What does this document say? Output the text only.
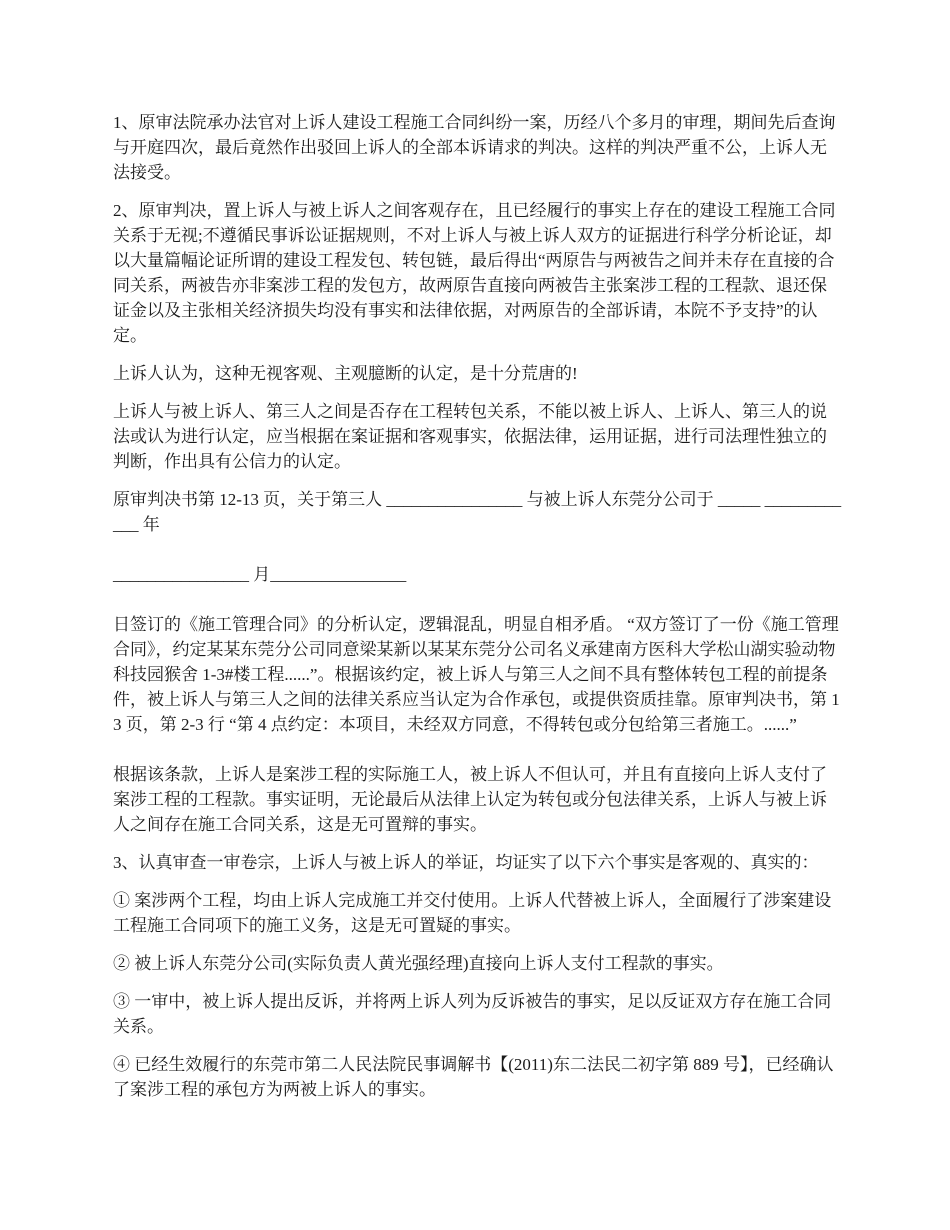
1、原审法院承办法官对上诉人建设工程施工合同纠纷一案，历经八个多月的审理，期间先后查询与开庭四次，最后竟然作出驳回上诉人的全部本诉请求的判决。这样的判决严重不公，上诉人无法接受。

2、原审判决，置上诉人与被上诉人之间客观存在，且已经履行的事实上存在的建设工程施工合同关系于无视;不遵循民事诉讼证据规则，不对上诉人与被上诉人双方的证据进行科学分析论证，却以大量篇幅论证所谓的建设工程发包、转包链，最后得出“两原告与两被告之间并未存在直接的合同关系，两被告亦非案涉工程的发包方，故两原告直接向两被告主张案涉工程的工程款、退还保证金以及主张相关经济损失均没有事实和法律依据，对两原告的全部诉请，本院不予支持”的认定。

上诉人认为，这种无视客观、主观臆断的认定，是十分荒唐的!

上诉人与被上诉人、第三人之间是否存在工程转包关系，不能以被上诉人、上诉人、第三人的说法或认为进行认定，应当根据在案证据和客观事实，依据法律，运用证据，进行司法理性独立的判断，作出具有公信力的认定。

原审判决书第 12-13 页，关于第三人 ________________ 与被上诉人东莞分公司于 _____ ____________ 年

________________ 月________________

日签订的《施工管理合同》的分析认定，逻辑混乱，明显自相矛盾。 “双方签订了一份《施工管理合同》，约定某某东莞分公司同意梁某新以某某东莞分公司名义承建南方医科大学松山湖实验动物科技园猴舍 1-3#楼工程......”。根据该约定，被上诉人与第三人之间不具有整体转包工程的前提条件，被上诉人与第三人之间的法律关系应当认定为合作承包，或提供资质挂靠。原审判决书，第 13 页，第 2-3 行 “第 4 点约定：本项目，未经双方同意，不得转包或分包给第三者施工。......”

根据该条款，上诉人是案涉工程的实际施工人，被上诉人不但认可，并且有直接向上诉人支付了案涉工程的工程款。事实证明，无论最后从法律上认定为转包或分包法律关系，上诉人与被上诉人之间存在施工合同关系，这是无可置辩的事实。

3、认真审查一审卷宗，上诉人与被上诉人的举证，均证实了以下六个事实是客观的、真实的：

① 案涉两个工程，均由上诉人完成施工并交付使用。上诉人代替被上诉人，全面履行了涉案建设工程施工合同项下的施工义务，这是无可置疑的事实。

② 被上诉人东莞分公司(实际负责人黄光强经理)直接向上诉人支付工程款的事实。

③ 一审中，被上诉人提出反诉，并将两上诉人列为反诉被告的事实，足以反证双方存在施工合同关系。

④ 已经生效履行的东莞市第二人民法院民事调解书【(2011)东二法民二初字第 889 号】，已经确认了案涉工程的承包方为两被上诉人的事实。
